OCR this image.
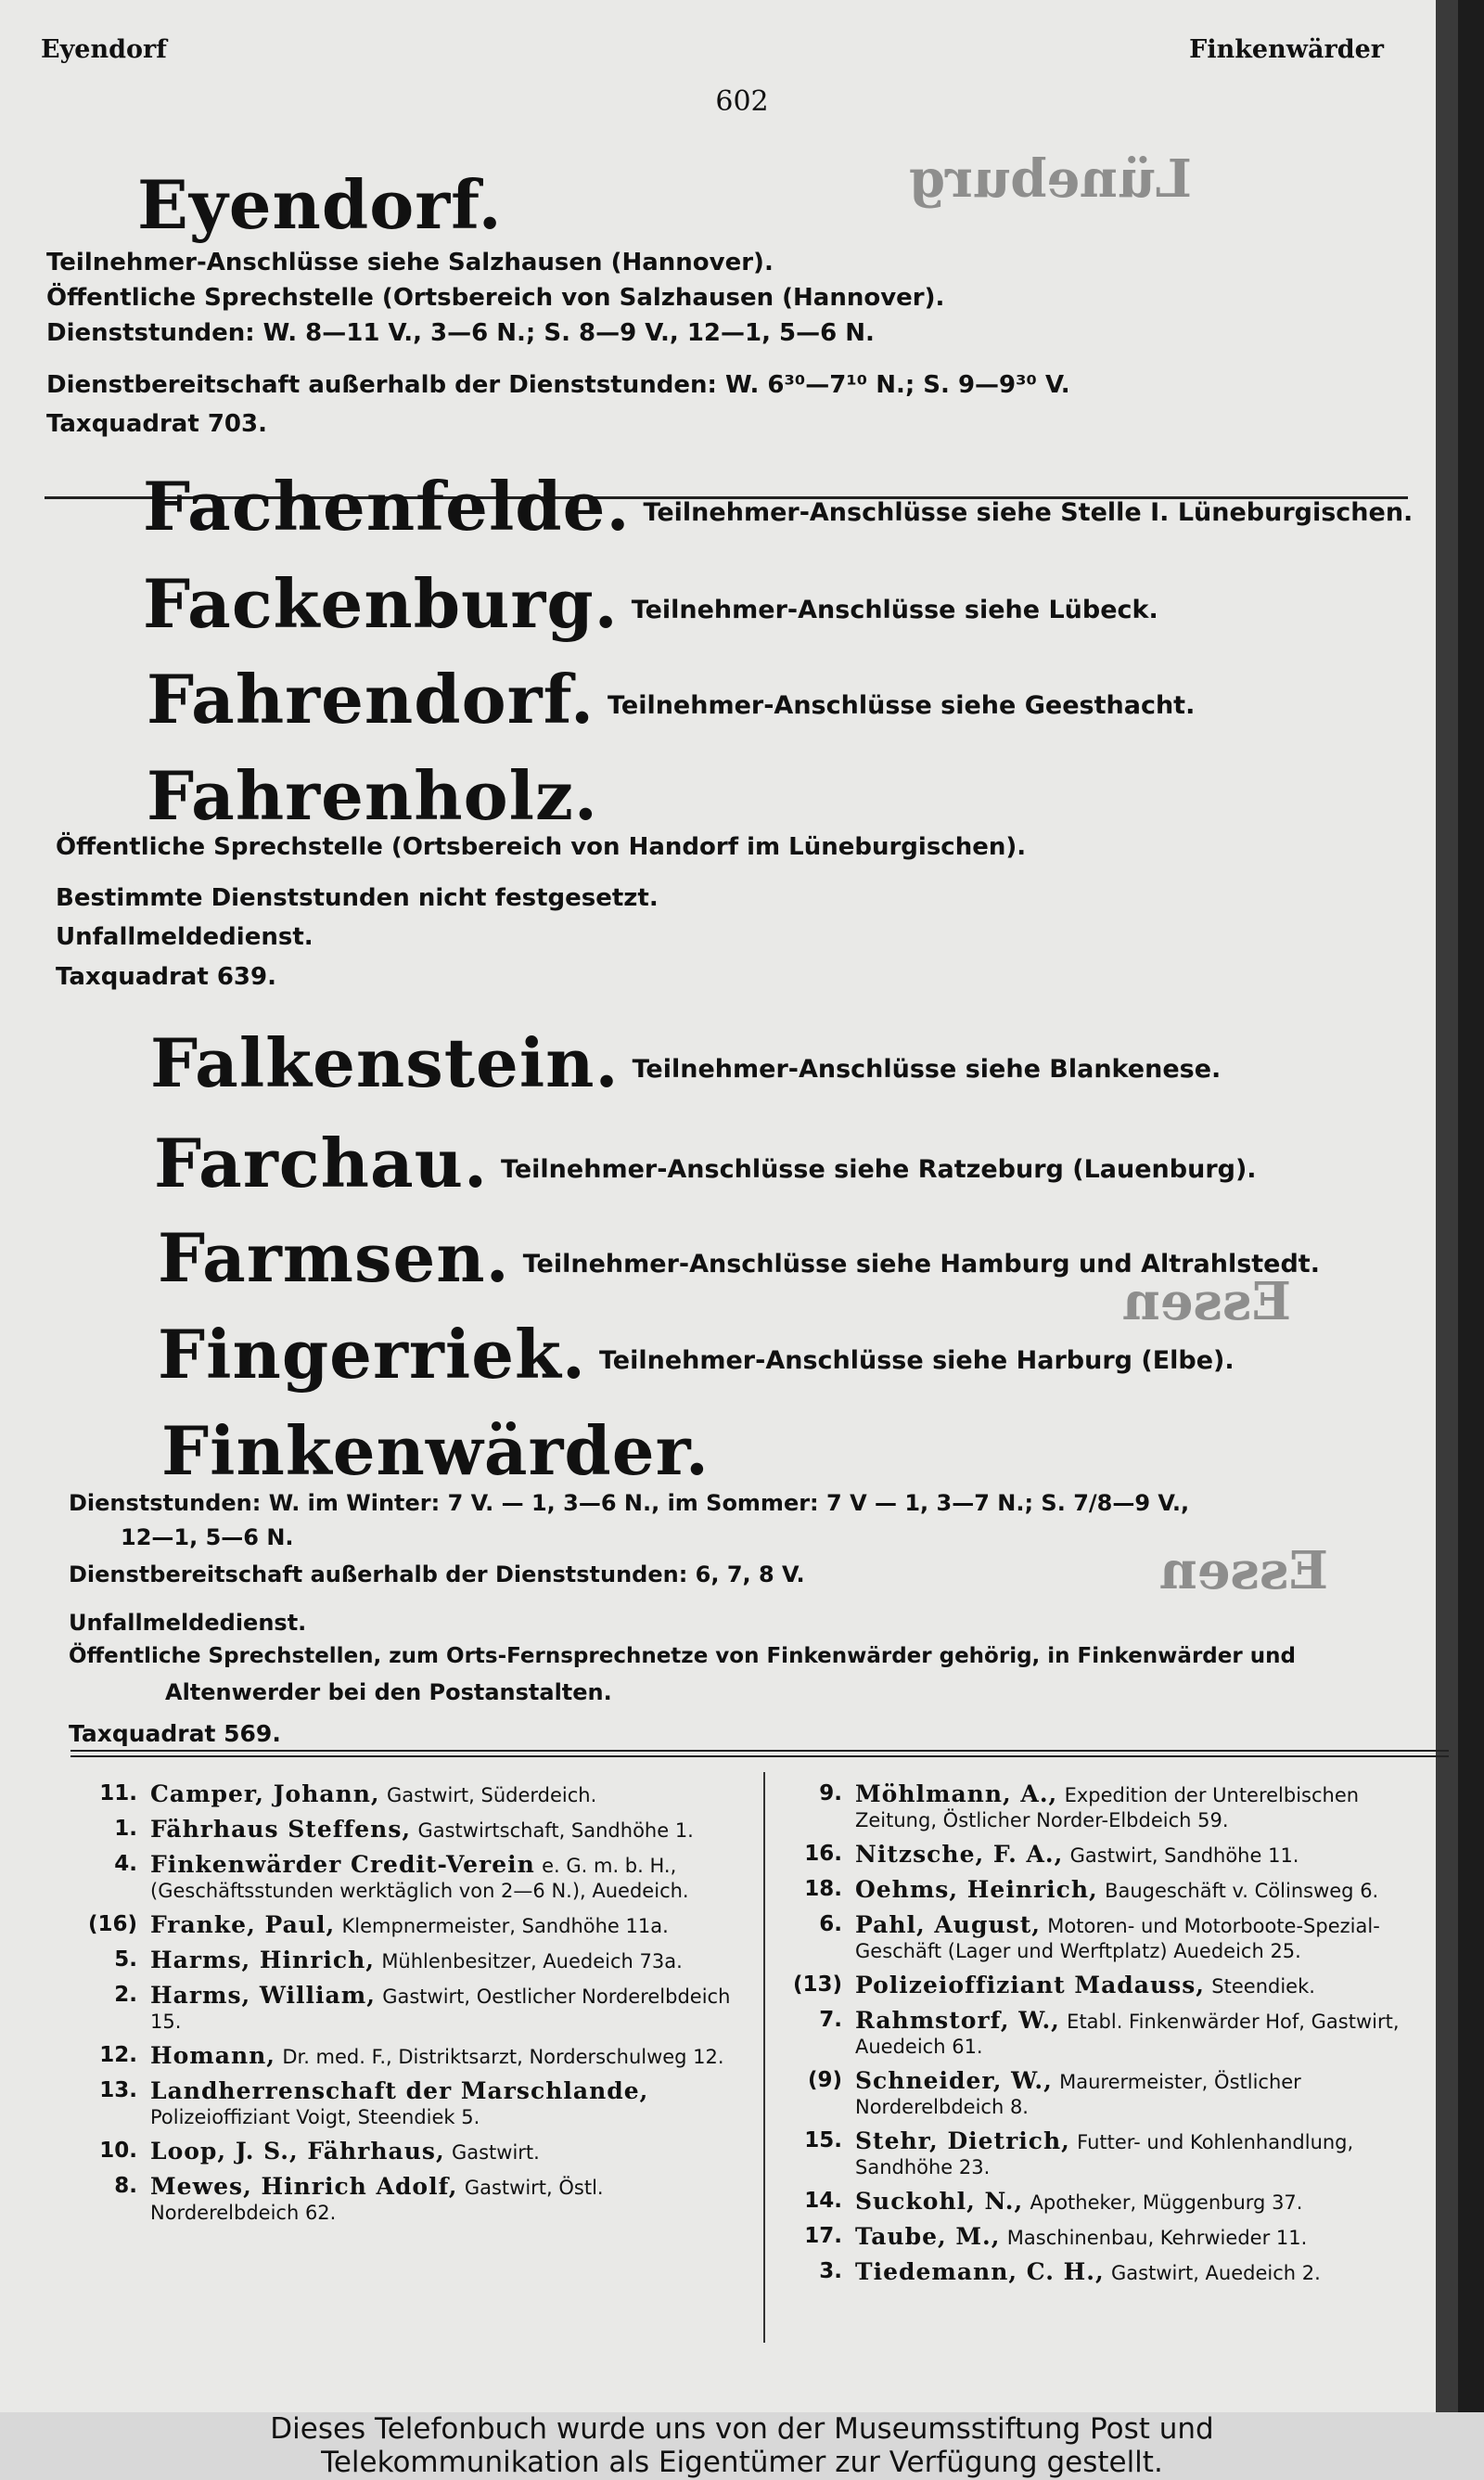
Eyendorf	Finkenwärder
602
Lüneburg
Essen
Essen
Eyendorf.
Teilnehmer-Anschlüsse siehe Salzhausen (Hannover).
Öffentliche Sprechstelle (Ortsbereich von Salzhausen (Hannover).
Dienststunden: W. 8—11 V., 3—6 N.; S. 8—9 V., 12—1, 5—6 N.
Dienstbereitschaft außerhalb der Dienststunden: W. 6³⁰—7¹⁰ N.; S. 9—9³⁰ V.
Taxquadrat 703.
Fachenfelde. Teilnehmer-Anschlüsse siehe Stelle I. Lüneburgischen.
Fackenburg. Teilnehmer-Anschlüsse siehe Lübeck.
Fahrendorf. Teilnehmer-Anschlüsse siehe Geesthacht.
Fahrenholz.
Öffentliche Sprechstelle (Ortsbereich von Handorf im Lüneburgischen).
Bestimmte Dienststunden nicht festgesetzt.
Unfallmeldedienst.
Taxquadrat 639.
Falkenstein. Teilnehmer-Anschlüsse siehe Blankenese.
Farchau. Teilnehmer-Anschlüsse siehe Ratzeburg (Lauenburg).
Farmsen. Teilnehmer-Anschlüsse siehe Hamburg und Altrahlstedt.
Fingerriek. Teilnehmer-Anschlüsse siehe Harburg (Elbe).
Finkenwärder.
Dienststunden: W. im Winter: 7 V. — 1, 3—6 N., im Sommer: 7 V — 1, 3—7 N.; S. 7/8—9 V.,
12—1, 5—6 N.
Dienstbereitschaft außerhalb der Dienststunden: 6, 7, 8 V.
Unfallmeldedienst.
Öffentliche Sprechstellen, zum Orts-Fernsprechnetze von Finkenwärder gehörig, in Finkenwärder und
Altenwerder bei den Postanstalten.
Taxquadrat 569.
11. Camper, Johann, Gastwirt, Süderdeich.
1. Fährhaus Steffens, Gastwirtschaft, Sandhöhe 1.
4. Finkenwärder Credit-Verein e. G. m. b. H., (Geschäftsstunden werktäglich von 2—6 N.), Auedeich.
(16) Franke, Paul, Klempnermeister, Sandhöhe 11a.
5. Harms, Hinrich, Mühlenbesitzer, Auedeich 73a.
2. Harms, William, Gastwirt, Oestlicher Norderelbdeich 15.
12. Homann, Dr. med. F., Distriktsarzt, Norderschulweg 12.
13. Landherrenschaft der Marschlande, Polizeioffiziant Voigt, Steendiek 5.
10. Loop, J. S., Fährhaus, Gastwirt.
8. Mewes, Hinrich Adolf, Gastwirt, Östl. Norderelbdeich 62.
9. Möhlmann, A., Expedition der Unterelbischen Zeitung, Östlicher Norder-Elbdeich 59.
16. Nitzsche, F. A., Gastwirt, Sandhöhe 11.
18. Oehms, Heinrich, Baugeschäft v. Cölinsweg 6.
6. Pahl, August, Motoren- und Motorboote-Spezial-Geschäft (Lager und Werftplatz) Auedeich 25.
(13) Polizeioffiziant Madauss, Steendiek.
7. Rahmstorf, W., Etabl. Finkenwärder Hof, Gastwirt, Auedeich 61.
(9) Schneider, W., Maurermeister, Östlicher Norderelbdeich 8.
15. Stehr, Dietrich, Futter- und Kohlenhandlung, Sandhöhe 23.
14. Suckohl, N., Apotheker, Müggenburg 37.
17. Taube, M., Maschinenbau, Kehrwieder 11.
3. Tiedemann, C. H., Gastwirt, Auedeich 2.
Dieses Telefonbuch wurde uns von der Museumsstiftung Post und
Telekommunikation als Eigentümer zur Verfügung gestellt.
